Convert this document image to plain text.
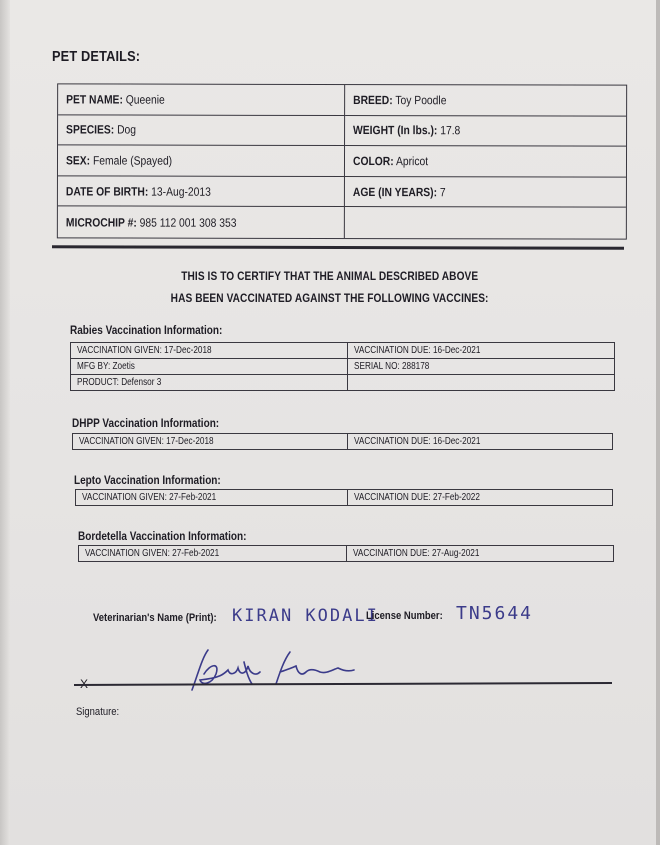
PET DETAILS:
PET NAME: Queenie	BREED: Toy Poodle
SPECIES: Dog	WEIGHT (In lbs.): 17.8
SEX: Female (Spayed)	COLOR: Apricot
DATE OF BIRTH: 13-Aug-2013	AGE (IN YEARS): 7
MICROCHIP #: 985 112 001 308 353
THIS IS TO CERTIFY THAT THE ANIMAL DESCRIBED ABOVE
HAS BEEN VACCINATED AGAINST THE FOLLOWING VACCINES:
Rabies Vaccination Information:
VACCINATION GIVEN: 17-Dec-2018	VACCINATION DUE: 16-Dec-2021
MFG BY: Zoetis	SERIAL NO: 288178
PRODUCT: Defensor 3
DHPP Vaccination Information:
VACCINATION GIVEN: 17-Dec-2018	VACCINATION DUE: 16-Dec-2021
Lepto Vaccination Information:
VACCINATION GIVEN: 27-Feb-2021	VACCINATION DUE: 27-Feb-2022
Bordetella Vaccination Information:
VACCINATION GIVEN: 27-Feb-2021	VACCINATION DUE: 27-Aug-2021
Veterinarian's Name (Print): KIRAN KODALI
License Number: TN5644
Signature:
